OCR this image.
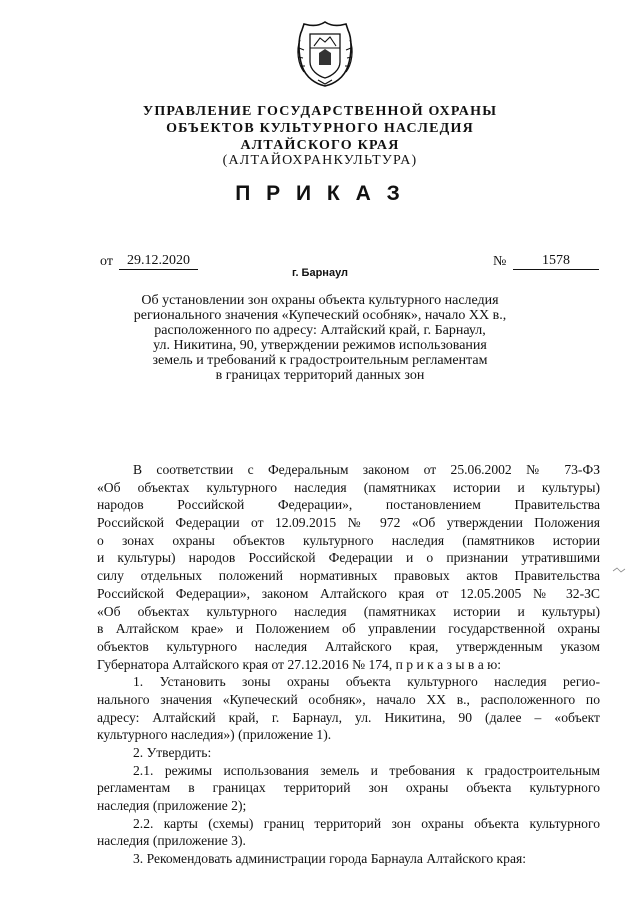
УПРАВЛЕНИЕ ГОСУДАРСТВЕННОЙ ОХРАНЫ
ОБЪЕКТОВ КУЛЬТУРНОГО НАСЛЕДИЯ
АЛТАЙСКОГО КРАЯ
(АЛТАЙОХРАНКУЛЬТУРА)
П Р И К А З
от	29.12.2020	№	1578
г. Барнаул
Об установлении зон охраны объекта культурного наследия
регионального значения «Купеческий особняк», начало XX в.,
расположенного по адресу: Алтайский край, г. Барнаул,
ул. Никитина, 90, утверждении режимов использования
земель и требований к градостроительным регламентам
в границах территорий данных зон
В соответствии с Федеральным законом от 25.06.2002 № 73-ФЗ
«Об объектах культурного наследия (памятниках истории и культуры)
народов Российской Федерации», постановлением Правительства
Российской Федерации от 12.09.2015 № 972 «Об утверждении Положения
о зонах охраны объектов культурного наследия (памятников истории
и культуры) народов Российской Федерации и о признании утратившими
силу отдельных положений нормативных правовых актов Правительства
Российской Федерации», законом Алтайского края от 12.05.2005 № 32-ЗС
«Об объектах культурного наследия (памятниках истории и культуры)
в Алтайском крае» и Положением об управлении государственной охраны
объектов культурного наследия Алтайского края, утвержденным указом
Губернатора Алтайского края от 27.12.2016 № 174, п р и к а з ы в а ю:
1. Установить зоны охраны объекта культурного наследия регио-
нального значения «Купеческий особняк», начало XX в., расположенного по
адресу: Алтайский край, г. Барнаул, ул. Никитина, 90 (далее – «объект
культурного наследия») (приложение 1).
2. Утвердить:
2.1. режимы использования земель и требования к градостроительным
регламентам в границах территорий зон охраны объекта культурного
наследия (приложение 2);
2.2. карты (схемы) границ территорий зон охраны объекта культурного
наследия (приложение 3).
3. Рекомендовать администрации города Барнаула Алтайского края:
